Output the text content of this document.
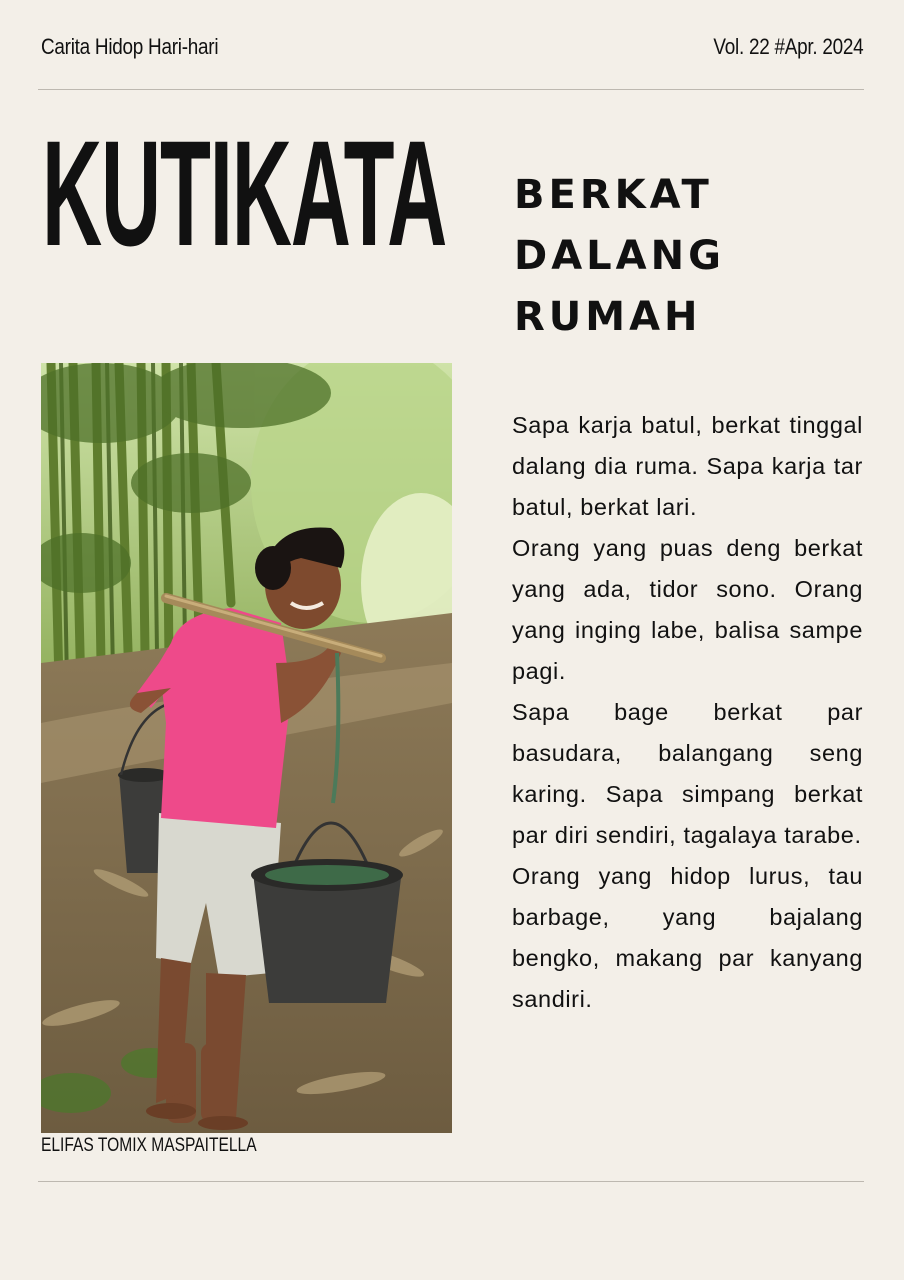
Carita Hidop Hari-hari	Vol. 22 #Apr. 2024
KUTIKATA BERKAT
DALANG
RUMAH
ELIFAS TOMIX MASPAITELLA

Sapa karja batul, berkat tinggal dalang dia ruma. Sapa karja tar batul, berkat lari.

Orang yang puas deng berkat yang ada, tidor sono. Orang yang inging labe, balisa sampe pagi.

Sapa bage berkat par basudara, balangang seng karing. Sapa simpang berkat par diri sendiri, tagalaya tarabe.

Orang yang hidop lurus, tau barbage, yang bajalang bengko, makang par kanyang sandiri.
